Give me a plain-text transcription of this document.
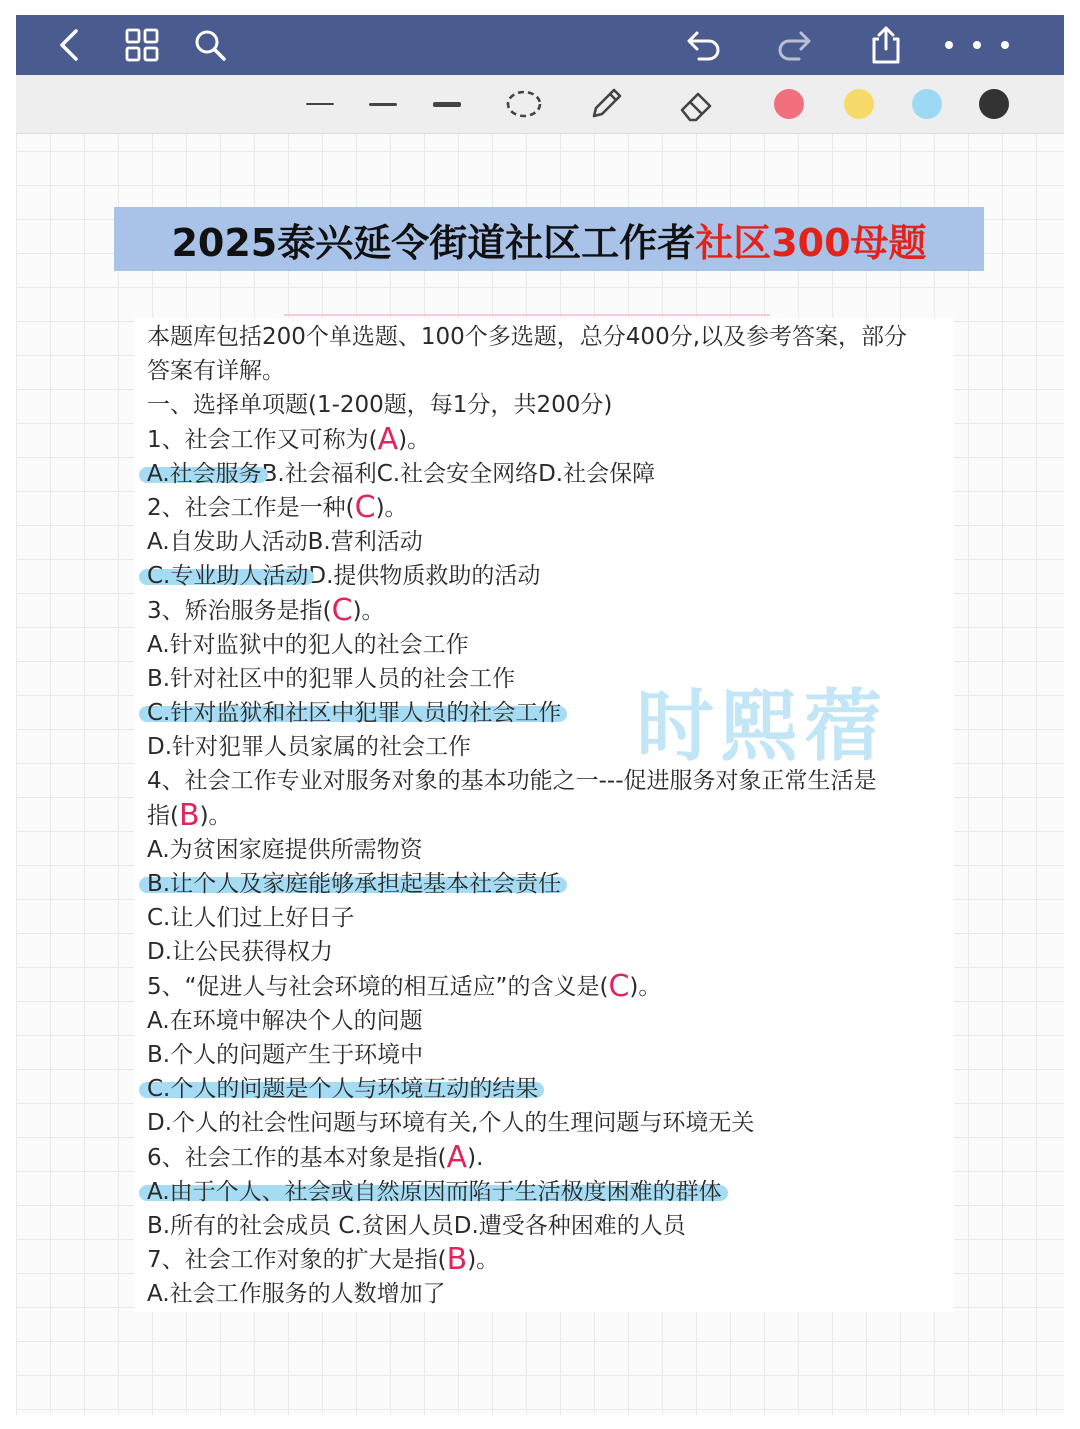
2025泰兴延令街道社区工作者 社区300母题
时熙蓿
本题库包括200个单选题、100个多选题，总分400分,以及参考答案，部分
答案有详解。
一、选择单项题(1-200题，每1分，共200分)
1、社会工作又可称为(A)。
A.社会服务B.社会福利C.社会安全网络D.社会保障
2、社会工作是一种(C)。
A.自发助人活动B.营利活动
C.专业助人活动D.提供物质救助的活动
3、矫治服务是指(C)。
A.针对监狱中的犯人的社会工作
B.针对社区中的犯罪人员的社会工作
C.针对监狱和社区中犯罪人员的社会工作
D.针对犯罪人员家属的社会工作
4、社会工作专业对服务对象的基本功能之一---促进服务对象正常生活是
指(B)。
A.为贫困家庭提供所需物资
B.让个人及家庭能够承担起基本社会责任
C.让人们过上好日子
D.让公民获得权力
5、“促进人与社会环境的相互适应”的含义是(C)。
A.在环境中解决个人的问题
B.个人的问题产生于环境中
C.个人的问题是个人与环境互动的结果
D.个人的社会性问题与环境有关,个人的生理问题与环境无关
6、社会工作的基本对象是指(A).
A.由于个人、社会或自然原因而陷于生活极度困难的群体
B.所有的社会成员 C.贫困人员D.遭受各种困难的人员
7、社会工作对象的扩大是指(B)。
A.社会工作服务的人数增加了
